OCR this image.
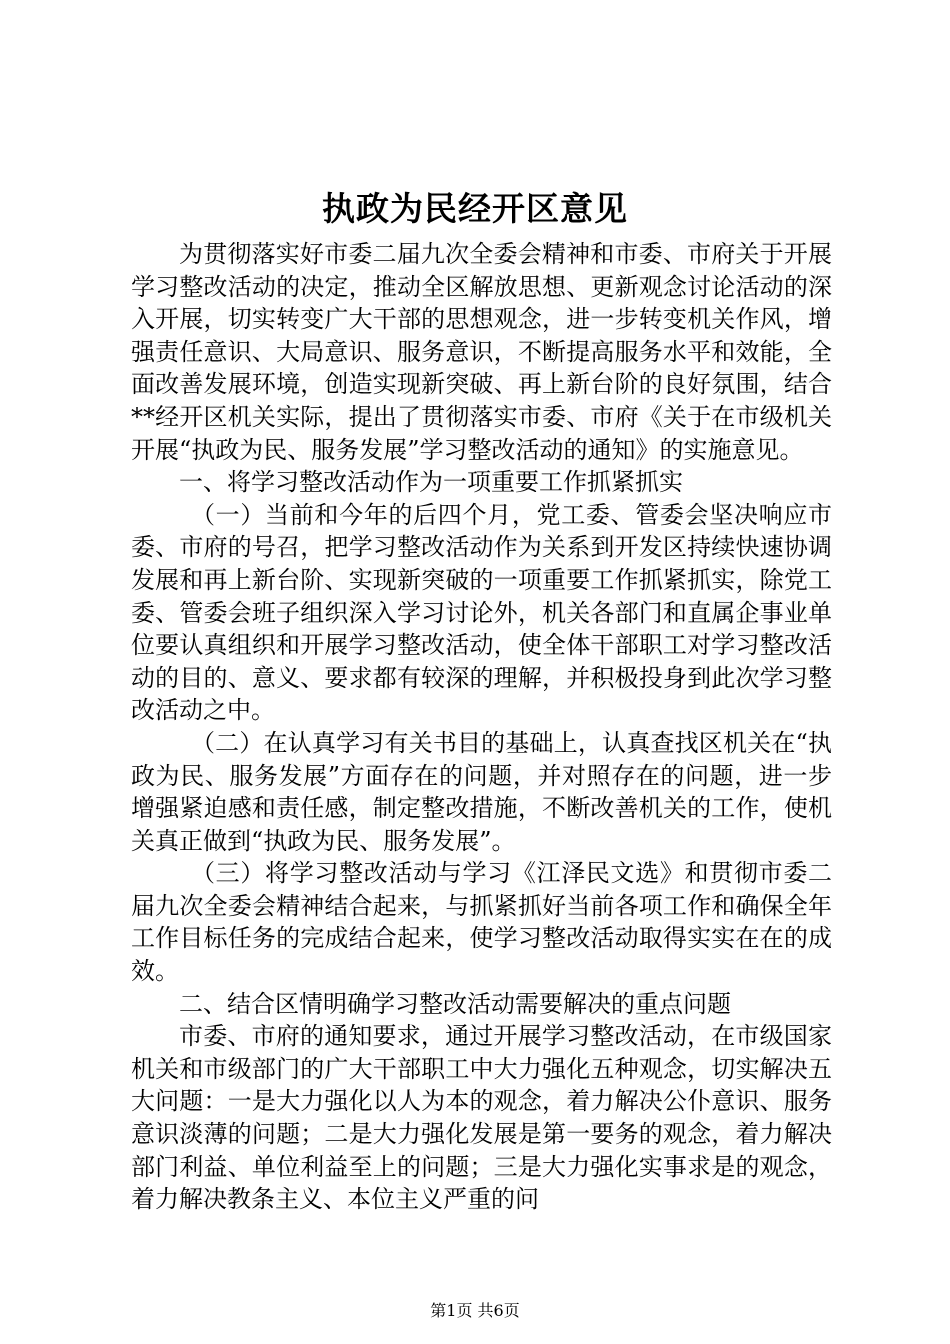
执政为民经开区意见

为贯彻落实好市委二届九次全委会精神和市委、市府关于开展学习整改活动的决定，推动全区解放思想、更新观念讨论活动的深入开展，切实转变广大干部的思想观念，进一步转变机关作风，增强责任意识、大局意识、服务意识，不断提高服务水平和效能，全面改善发展环境，创造实现新突破、再上新台阶的良好氛围，结合**经开区机关实际，提出了贯彻落实市委、市府《关于在市级机关开展“执政为民、服务发展”学习整改活动的通知》的实施意见。

一、将学习整改活动作为一项重要工作抓紧抓实

（一）当前和今年的后四个月，党工委、管委会坚决响应市委、市府的号召，把学习整改活动作为关系到开发区持续快速协调发展和再上新台阶、实现新突破的一项重要工作抓紧抓实，除党工委、管委会班子组织深入学习讨论外，机关各部门和直属企事业单位要认真组织和开展学习整改活动，使全体干部职工对学习整改活动的目的、意义、要求都有较深的理解，并积极投身到此次学习整改活动之中。

（二）在认真学习有关书目的基础上，认真查找区机关在“执政为民、服务发展”方面存在的问题，并对照存在的问题，进一步增强紧迫感和责任感，制定整改措施，不断改善机关的工作，使机关真正做到“执政为民、服务发展”。

（三）将学习整改活动与学习《江泽民文选》和贯彻市委二届九次全委会精神结合起来，与抓紧抓好当前各项工作和确保全年工作目标任务的完成结合起来，使学习整改活动取得实实在在的成效。

二、结合区情明确学习整改活动需要解决的重点问题

市委、市府的通知要求，通过开展学习整改活动，在市级国家机关和市级部门的广大干部职工中大力强化五种观念，切实解决五大问题：一是大力强化以人为本的观念，着力解决公仆意识、服务意识淡薄的问题；二是大力强化发展是第一要务的观念，着力解决部门利益、单位利益至上的问题；三是大力强化实事求是的观念，着力解决教条主义、本位主义严重的问

第1页 共6页
